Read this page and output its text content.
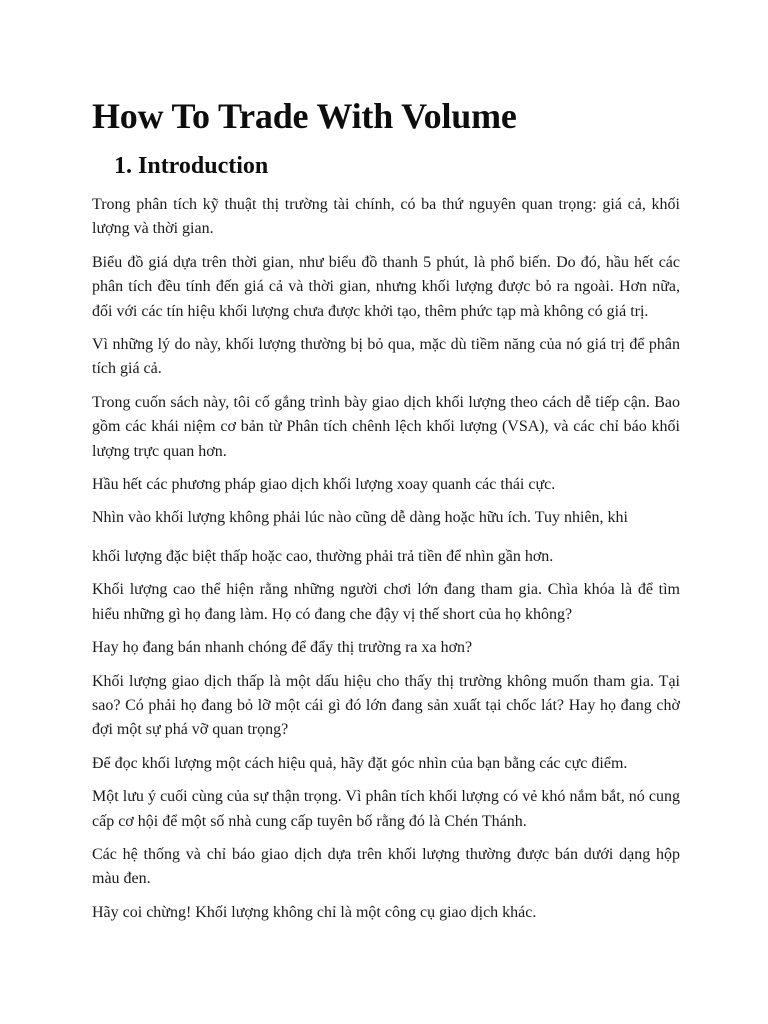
How To Trade With Volume
1. Introduction

Trong phân tích kỹ thuật thị trường tài chính, có ba thứ nguyên quan trọng: giá cả, khối lượng và thời gian.

Biểu đồ giá dựa trên thời gian, như biểu đồ thanh 5 phút, là phổ biến. Do đó, hầu hết các phân tích đều tính đến giá cả và thời gian, nhưng khối lượng được bỏ ra ngoài. Hơn nữa, đối với các tín hiệu khối lượng chưa được khởi tạo, thêm phức tạp mà không có giá trị.

Vì những lý do này, khối lượng thường bị bỏ qua, mặc dù tiềm năng của nó giá trị để phân tích giá cả.

Trong cuốn sách này, tôi cố gắng trình bày giao dịch khối lượng theo cách dễ tiếp cận. Bao gồm các khái niệm cơ bản từ Phân tích chênh lệch khối lượng (VSA), và các chỉ báo khối lượng trực quan hơn.

Hầu hết các phương pháp giao dịch khối lượng xoay quanh các thái cực.

Nhìn vào khối lượng không phải lúc nào cũng dễ dàng hoặc hữu ích. Tuy nhiên, khi

khối lượng đặc biệt thấp hoặc cao, thường phải trả tiền để nhìn gần hơn.

Khối lượng cao thể hiện rằng những người chơi lớn đang tham gia. Chìa khóa là để tìm hiểu những gì họ đang làm. Họ có đang che đậy vị thế short của họ không?

Hay họ đang bán nhanh chóng để đẩy thị trường ra xa hơn?

Khối lượng giao dịch thấp là một dấu hiệu cho thấy thị trường không muốn tham gia. Tại sao? Có phải họ đang bỏ lỡ một cái gì đó lớn đang sản xuất tại chốc lát? Hay họ đang chờ đợi một sự phá vỡ quan trọng?

Để đọc khối lượng một cách hiệu quả, hãy đặt góc nhìn của bạn bằng các cực điểm.

Một lưu ý cuối cùng của sự thận trọng. Vì phân tích khối lượng có vẻ khó nắm bắt, nó cung cấp cơ hội để một số nhà cung cấp tuyên bố rằng đó là Chén Thánh.

Các hệ thống và chỉ báo giao dịch dựa trên khối lượng thường được bán dưới dạng hộp màu đen.

Hãy coi chừng! Khối lượng không chỉ là một công cụ giao dịch khác.
